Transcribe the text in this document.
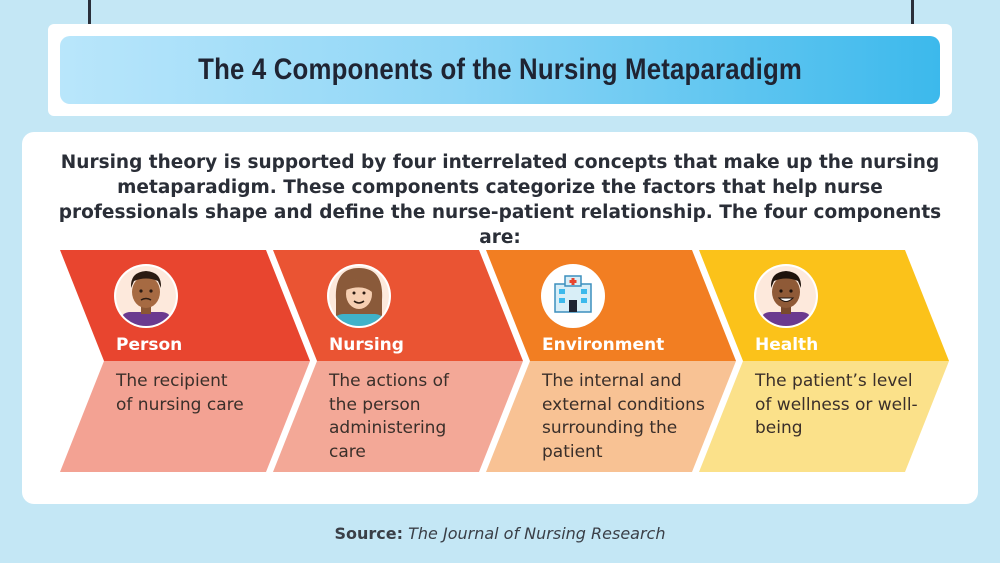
The 4 Components of the Nursing Metaparadigm
Nursing theory is supported by four interrelated concepts that make up the nursing metaparadigm. These components categorize the factors that help nurse professionals shape and define the nurse-patient relationship. The four components are:
Person	Nursing	Environment	Health
The recipient of nursing care
The actions of the person administering care
The internal and external conditions surrounding the patient
The patient’s level of wellness or well-being
Source: The Journal of Nursing Research
